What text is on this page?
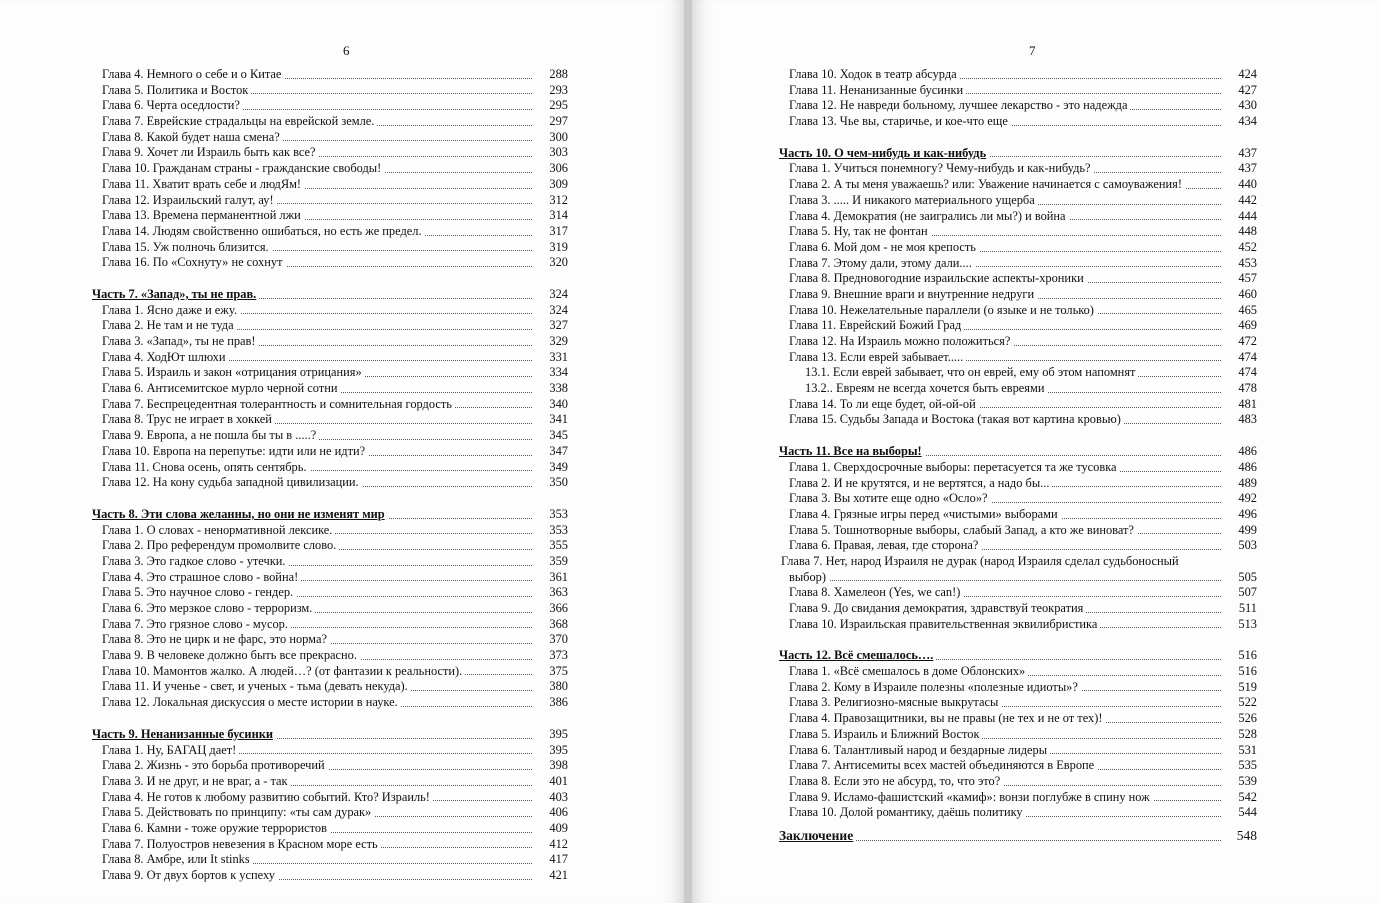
6
Глава 4. Немного о себе и о Китае	288
Глава 5. Политика и Восток	293
Глава 6. Черта оседлости?	295
Глава 7. Еврейские страдальцы на еврейской земле.	297
Глава 8. Какой будет наша смена?	300
Глава 9. Хочет ли Израиль быть как все?	303
Глава 10. Гражданам страны - гражданские свободы!	306
Глава 11. Хватит врать себе и людЯм!	309
Глава 12. Израильский галут, ау!	312
Глава 13. Времена перманентной лжи	314
Глава 14. Людям свойственно ошибаться, но есть же предел.	317
Глава 15. Уж полночь близится.	319
Глава 16. По «Сохнуту» не сохнут	320
Часть 7. «Запад», ты не прав.	324
Глава 1. Ясно даже и ежу.	324
Глава 2. Не там и не туда	327
Глава 3. «Запад», ты не прав!	329
Глава 4. ХодЮт шлюхи	331
Глава 5. Израиль и закон «отрицания отрицания»	334
Глава 6. Антисемитское мурло черной сотни	338
Глава 7. Беспрецедентная толерантность и сомнительная гордость	340
Глава 8. Трус не играет в хоккей	341
Глава 9. Европа, а не пошла бы ты в .....?	345
Глава 10. Европа на перепутье: идти или не идти?	347
Глава 11. Снова осень, опять сентябрь.	349
Глава 12. На кону судьба западной цивилизации.	350
Часть 8. Эти слова желанны, но они не изменят мир	353
Глава 1. О словах - ненормативной лексике.	353
Глава 2. Про референдум промолвите слово.	355
Глава 3. Это гадкое слово - утечки.	359
Глава 4. Это страшное слово - война!	361
Глава 5. Это научное слово - гендер.	363
Глава 6. Это мерзкое слово - терроризм.	366
Глава 7. Это грязное слово - мусор.	368
Глава 8. Это не цирк и не фарс, это норма?	370
Глава 9. В человеке должно быть все прекрасно.	373
Глава 10. Мамонтов жалко. А людей…? (от фантазии к реальности).	375
Глава 11. И ученье - свет, и ученых - тьма (девать некуда).	380
Глава 12. Локальная дискуссия о месте истории в науке.	386
Часть 9. Ненанизанные бусинки	395
Глава 1. Ну, БАГАЦ дает!	395
Глава 2. Жизнь - это борьба противоречий	398
Глава 3. И не друг, и не враг, а - так	401
Глава 4. Не готов к любому развитию событий. Кто? Израиль!	403
Глава 5. Действовать по принципу: «ты сам дурак»	406
Глава 6. Камни - тоже оружие террористов	409
Глава 7. Полуостров невезения в Красном море есть	412
Глава 8. Амбре, или It stinks	417
Глава 9. От двух бортов к успеху	421
7
Глава 10. Ходок в театр абсурда	424
Глава 11. Ненанизанные бусинки	427
Глава 12. Не навреди больному, лучшее лекарство - это надежда	430
Глава 13. Чье вы, старичье, и кое-что еще	434
Часть 10. О чем-нибудь и как-нибудь	437
Глава 1. Учиться понемногу? Чему-нибудь и как-нибудь?	437
Глава 2. А ты меня уважаешь? или: Уважение начинается с самоуважения!	440
Глава 3. ..... И никакого материального ущерба	442
Глава 4. Демократия (не заигрались ли мы?) и война	444
Глава 5. Ну, так не фонтан	448
Глава 6. Мой дом - не моя крепость	452
Глава 7. Этому дали, этому дали....	453
Глава 8. Предновогодние израильские аспекты-хроники	457
Глава 9. Внешние враги и внутренние недруги	460
Глава 10. Нежелательные параллели (о языке и не только)	465
Глава 11. Еврейский Божий Град	469
Глава 12. На Израиль можно положиться?	472
Глава 13. Если еврей забывает.....	474
13.1. Если еврей забывает, что он еврей, ему об этом напомнят	474
13.2.. Евреям не всегда хочется быть евреями	478
Глава 14. То ли еще будет, ой-ой-ой	481
Глава 15. Судьбы Запада и Востока (такая вот картина кровью)	483
Часть 11. Все на выборы!	486
Глава 1. Сверхдосрочные выборы: перетасуется та же тусовка	486
Глава 2. И не крутятся, и не вертятся, а надо бы...	489
Глава 3. Вы хотите еще одно «Осло»?	492
Глава 4. Грязные игры перед «чистыми» выборами	496
Глава 5. Тошнотворные выборы, слабый Запад, а кто же виноват?	499
Глава 6. Правая, левая, где сторона?	503
Глава 7. Нет, народ Израиля не дурак (народ Израиля сделал судьбоносный
выбор)	505
Глава 8. Хамелеон (Yes, we can!)	507
Глава 9. До свидания демократия, здравствуй теократия	511
Глава 10. Израильская правительственная эквилибристика	513
Часть 12. Всё смешалось….	516
Глава 1. «Всё смешалось в доме Облонских»	516
Глава 2. Кому в Израиле полезны «полезные идиоты»?	519
Глава 3. Религиозно-мясные выкрутасы	522
Глава 4. Правозащитники, вы не правы (не тех и не от тех)!	526
Глава 5. Израиль и Ближний Восток	528
Глава 6. Талантливый народ и бездарные лидеры	531
Глава 7. Антисемиты всех мастей объединяются в Европе	535
Глава 8. Если это не абсурд, то, что это?	539
Глава 9. Исламо-фашистский «камиф»: вонзи поглубже в спину нож	542
Глава 10. Долой романтику, даёшь политику	544
Заключение	548
